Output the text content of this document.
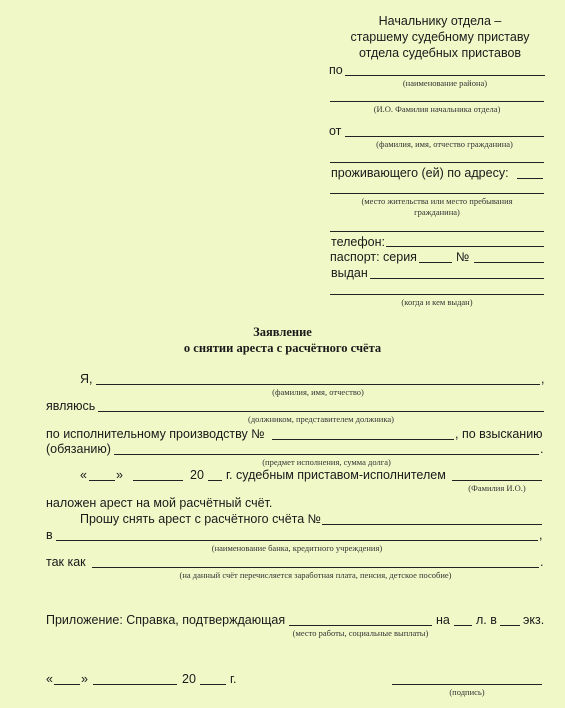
Начальнику отдела –
старшему судебному приставу
отдела судебных приставов
по
(наименование района)
(И.О. Фамилия начальника отдела)
от
(фамилия, имя, отчество гражданина)
проживающего (ей) по адресу:
(место жительства или место пребывания
гражданина)
телефон:
паспорт: серия	№
выдан
(когда и кем выдан)
Заявление
о снятии ареста с расчётного счёта
Я,	,
(фамилия, имя, отчество)
являюсь
(должником, представителем должника)
по исполнительному производству №	, по взысканию
(обязанию)	.
(предмет исполнения, сумма долга)
« »	20 г. судебным приставом-исполнителем
(Фамилия И.О.)
наложен арест на мой расчётный счёт.
Прошу снять арест с расчётного счёта №
в	,
(наименование банка, кредитного учреждения)
так как	.
(на данный счёт перечисляется заработная плата, пенсия, детское пособие)
Приложение: Справка, подтверждающая	на л. в экз.
(место работы, социальные выплаты)
« »	20	г.
(подпись)
